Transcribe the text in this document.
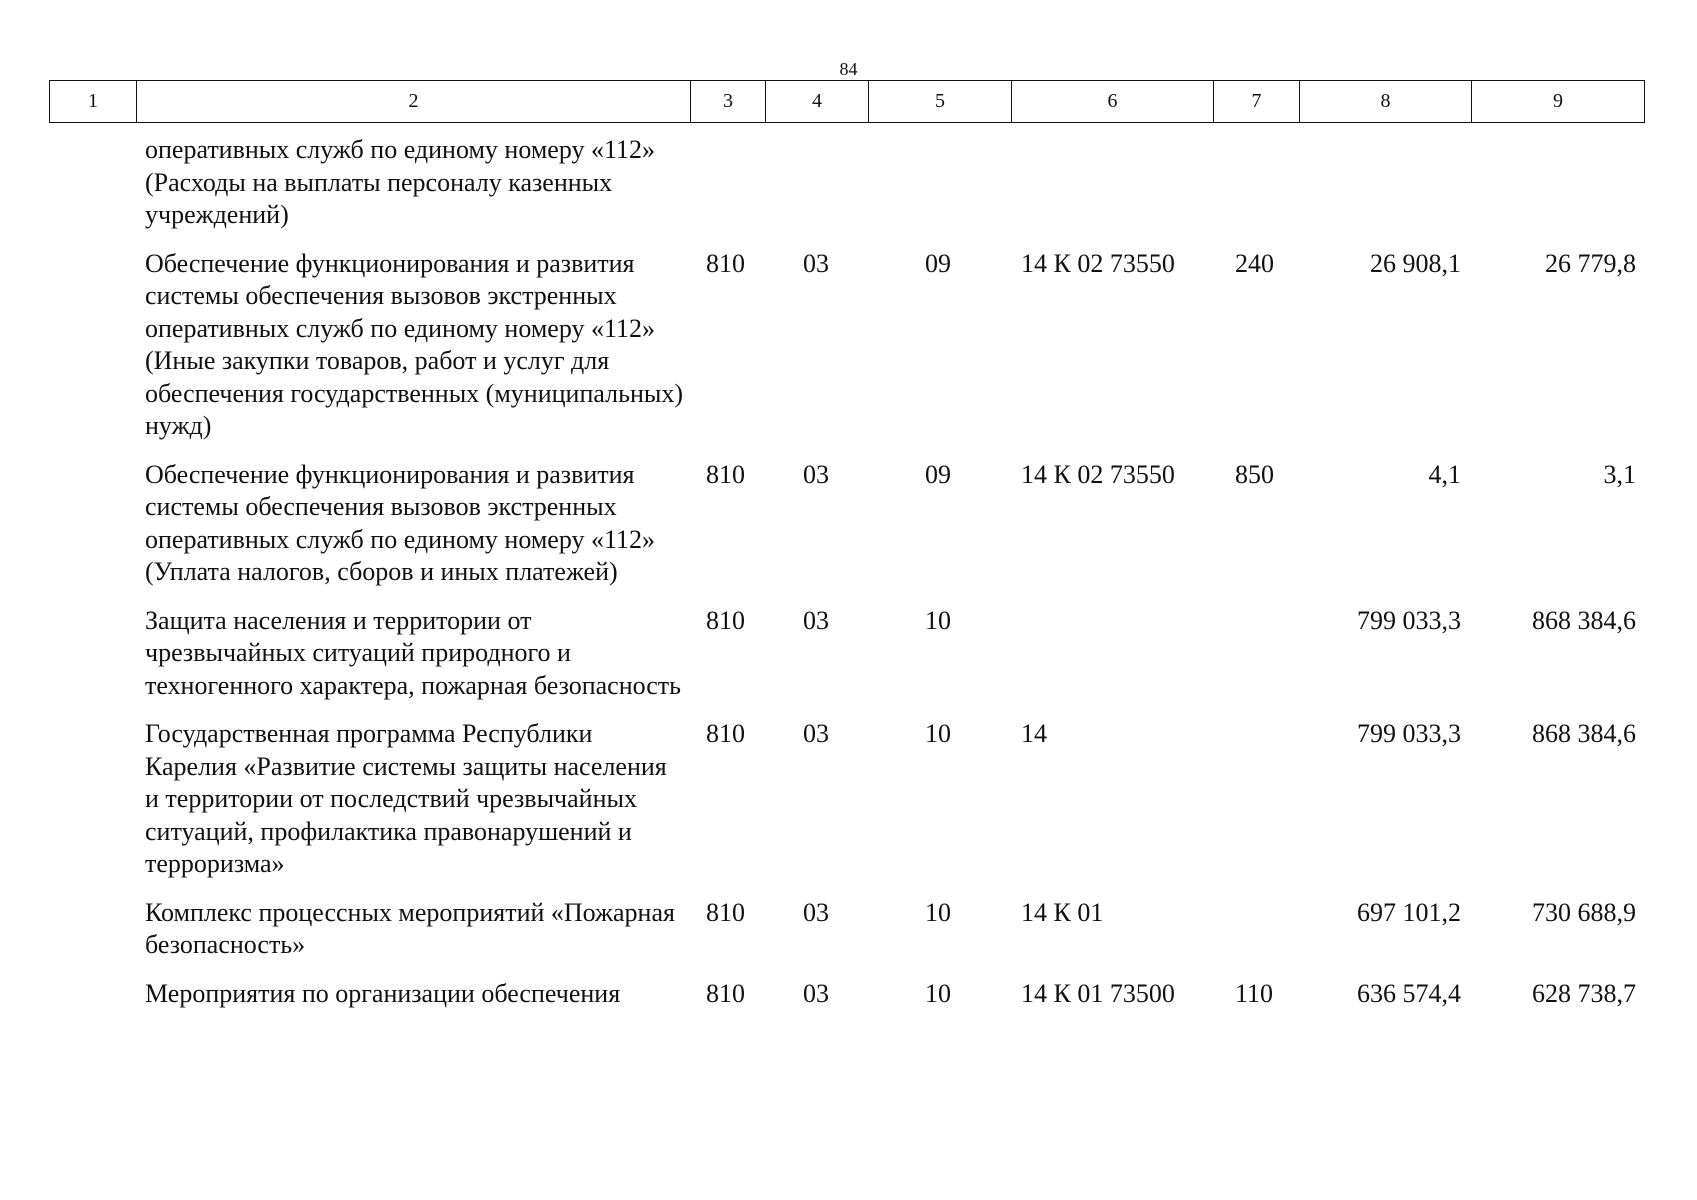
84
1	2	3	4	5	6	7	8	9
	оперативных служб по единому номеру «112» (Расходы на выплаты персоналу казенных учреждений)							
	Обеспечение функционирования и развития системы обеспечения вызовов экстренных оперативных служб по единому номеру «112» (Иные закупки товаров, работ и услуг для обеспечения государственных (муниципальных) нужд)	810	03	09	14 К 02 73550	240	26 908,1	26 779,8
	Обеспечение функционирования и развития системы обеспечения вызовов экстренных оперативных служб по единому номеру «112» (Уплата налогов, сборов и иных платежей)	810	03	09	14 К 02 73550	850	4,1	3,1
	Защита населения и территории от чрезвычайных ситуаций природного и техногенного характера, пожарная безопасность	810	03	10			799 033,3	868 384,6
	Государственная программа Республики Карелия «Развитие системы защиты населения и территории от последствий чрезвычайных ситуаций, профилактика правонарушений и терроризма»	810	03	10	14		799 033,3	868 384,6
	Комплекс процессных мероприятий «Пожарная безопасность»	810	03	10	14 К 01		697 101,2	730 688,9
	Мероприятия по организации обеспечения	810	03	10	14 К 01 73500	110	636 574,4	628 738,7
